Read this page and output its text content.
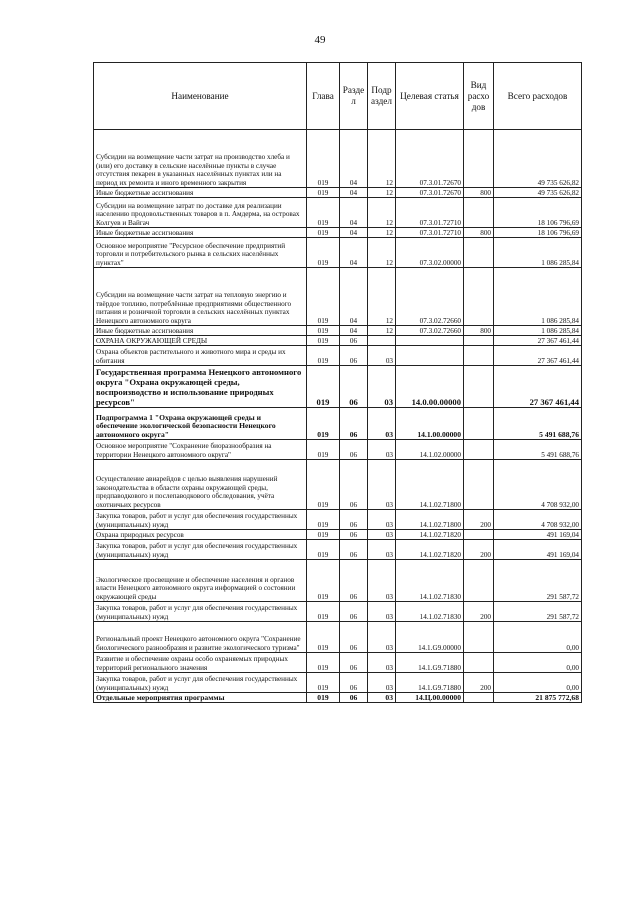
49
Наименование	Глава	Разде л	Подр аздел	Целевая статья	Вид расхо дов	Всего расходов
Субсидии на возмещение части затрат на производство хлеба и (или) его доставку в сельские населённые пункты в случае отсутствия пекарен в указанных населённых пунктах или на период их ремонта и иного временного закрытия	019	04	12	07.3.01.72670		49 735 626,82
Иные бюджетные ассигнования	019	04	12	07.3.01.72670	800	49 735 626,82
Субсидии на возмещение затрат по доставке для реализации населению продовольственных товаров в п. Амдерма, на островах Колгуев и Вайгач	019	04	12	07.3.01.72710		18 106 796,69
Иные бюджетные ассигнования	019	04	12	07.3.01.72710	800	18 106 796,69
Основное мероприятие "Ресурсное обеспечение предприятий торговли и потребительского рынка в сельских населённых пунктах"	019	04	12	07.3.02.00000		1 086 285,84
Субсидии на возмещение части затрат на тепловую энергию и твёрдое топливо, потреблённые предприятиями общественного питания и розничной торговли в сельских населённых пунктах Ненецкого автономного округа	019	04	12	07.3.02.72660		1 086 285,84
Иные бюджетные ассигнования	019	04	12	07.3.02.72660	800	1 086 285,84
ОХРАНА ОКРУЖАЮЩЕЙ СРЕДЫ	019	06				27 367 461,44
Охрана объектов растительного и животного мира и среды их обитания	019	06	03			27 367 461,44
Государственная программа Ненецкого автономного округа "Охрана окружающей среды, воспроизводство и использование природных ресурсов"	019	06	03	14.0.00.00000		27 367 461,44
Подпрограмма 1 "Охрана окружающей среды и обеспечение экологической безопасности Ненецкого автономного округа"	019	06	03	14.1.00.00000		5 491 688,76
Основное мероприятие "Сохранение биоразнообразия на территории Ненецкого автономного округа"	019	06	03	14.1.02.00000		5 491 688,76
Осуществление авиарейдов с целью выявления нарушений законодательства в области охраны окружающей среды, предпаводкового и послепаводкового обследования, учёта охотничьих ресурсов	019	06	03	14.1.02.71800		4 708 932,00
Закупка товаров, работ и услуг для обеспечения государственных (муниципальных) нужд	019	06	03	14.1.02.71800	200	4 708 932,00
Охрана природных ресурсов	019	06	03	14.1.02.71820		491 169,04
Закупка товаров, работ и услуг для обеспечения государственных (муниципальных) нужд	019	06	03	14.1.02.71820	200	491 169,04
Экологическое просвещение и обеспечение населения и органов власти Ненецкого автономного округа информацией о состоянии окружающей среды	019	06	03	14.1.02.71830		291 587,72
Закупка товаров, работ и услуг для обеспечения государственных (муниципальных) нужд	019	06	03	14.1.02.71830	200	291 587,72
Региональный проект Ненецкого автономного округа "Сохранение биологического разнообразия и развитие экологического туризма"	019	06	03	14.1.G9.00000		0,00
Развитие и обеспечение охраны особо охраняемых природных территорий регионального значения	019	06	03	14.1.G9.71880		0,00
Закупка товаров, работ и услуг для обеспечения государственных (муниципальных) нужд	019	06	03	14.1.G9.71880	200	0,00
Отдельные мероприятия программы	019	06	03	14.Ц.00.00000		21 875 772,68
